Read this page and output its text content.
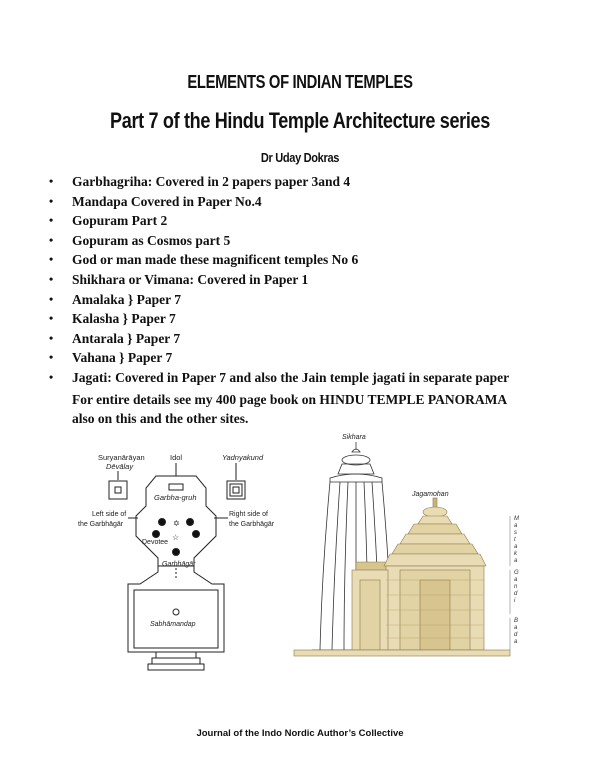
ELEMENTS OF INDIAN TEMPLES
Part 7 of the Hindu Temple Architecture series
Dr Uday Dokras
• Garbhagriha: Covered in 2 papers paper 3and 4
• Mandapa Covered in Paper No.4
• Gopuram Part 2
• Gopuram as Cosmos part 5
• God or man made these magnificent temples No 6
• Shikhara or Vimana: Covered in Paper 1
• Amalaka } Paper 7
• Kalasha } Paper 7
• Antarala } Paper 7
• Vahana } Paper 7
• Jagati: Covered in Paper 7 and also the Jain temple jagati in separate paper
For entire details see my 400 page book on HINDU TEMPLE PANORAMA
also on this and the other sites.
Suryanārāyan
Dēvālay
Idol	Yadnyakund
Garbha-gruh
Left side of
the Garbhāgār
Right side of
the Garbhāgār
✡
☆
Devotee
Garbhāgār
Sabhāmandap
Sikhara
Jagamohan
M a s t a k a
G a n d i
B a d a
Journal of the Indo Nordic Author’s Collective
